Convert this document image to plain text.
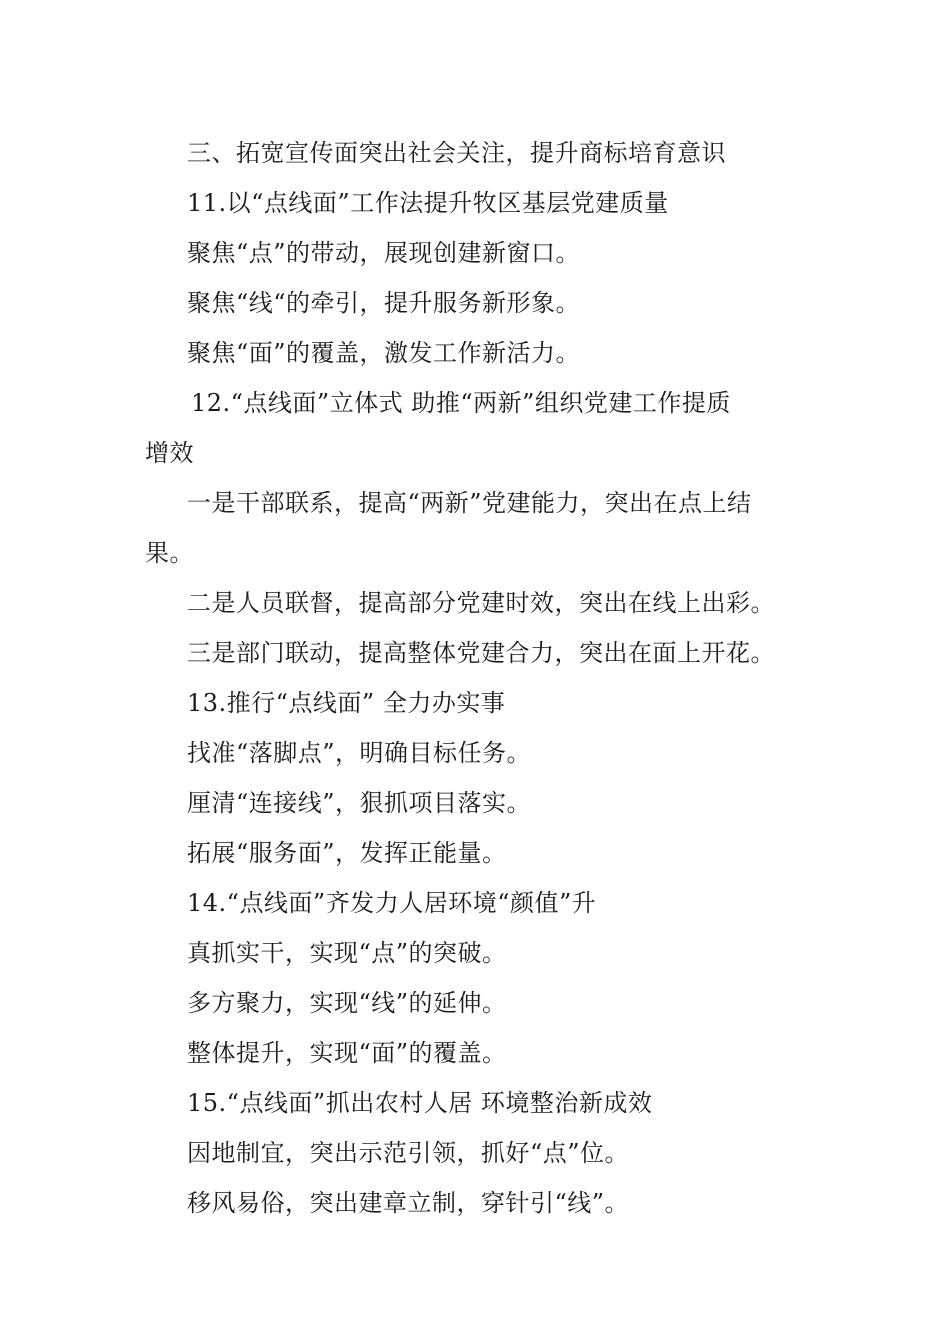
三、拓宽宣传面突出社会关注，提升商标培育意识
11.以“点线面”工作法提升牧区基层党建质量
聚焦“点”的带动，展现创建新窗口。
聚焦“线“的牵引，提升服务新形象。
聚焦“面”的覆盖，激发工作新活力。
12.“点线面”立体式 助推“两新”组织党建工作提质
增效
一是干部联系，提高“两新”党建能力，突出在点上结
果。
二是人员联督，提高部分党建时效，突出在线上出彩。
三是部门联动，提高整体党建合力，突出在面上开花。
13.推行“点线面” 全力办实事
找准“落脚点”，明确目标任务。
厘清“连接线”，狠抓项目落实。
拓展“服务面”，发挥正能量。
14.“点线面”齐发力人居环境“颜值”升
真抓实干，实现“点”的突破。
多方聚力，实现“线”的延伸。
整体提升，实现“面”的覆盖。
15.“点线面”抓出农村人居 环境整治新成效
因地制宜，突出示范引领，抓好“点”位。
移风易俗，突出建章立制，穿针引“线”。
